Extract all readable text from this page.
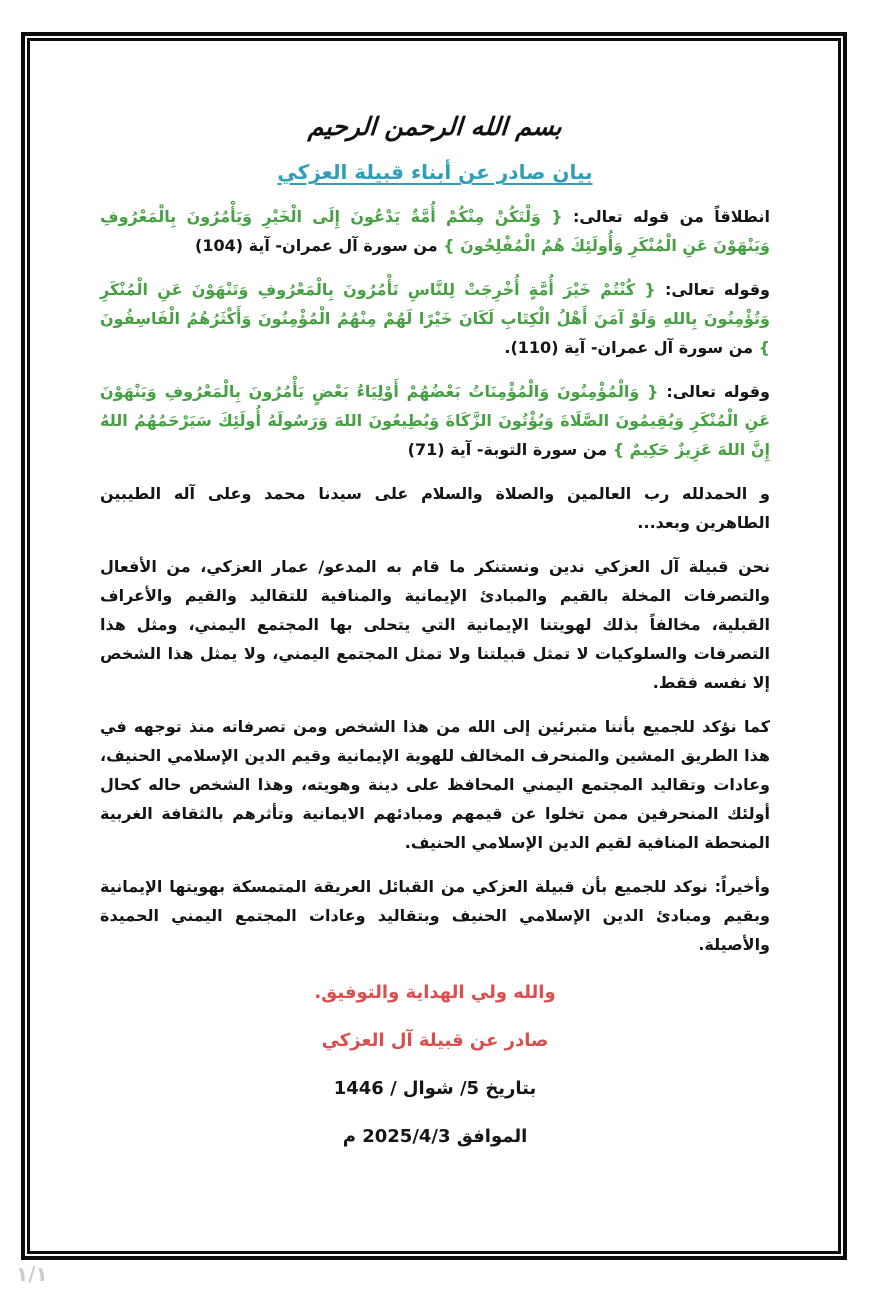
بسم الله الرحمن الرحيم
بيان صادر عن أبناء قبيلة العزكي

انطلاقاً من قوله تعالى: { وَلْتَكُنْ مِنْكُمْ أُمَّةٌ يَدْعُونَ إِلَى الْخَيْرِ وَيَأْمُرُونَ بِالْمَعْرُوفِ وَيَنْهَوْنَ عَنِ الْمُنْكَرِ وَأُولَئِكَ هُمُ الْمُفْلِحُونَ } من سورة آل عمران- آية (104)

وقوله تعالى: { كُنْتُمْ خَيْرَ أُمَّةٍ أُخْرِجَتْ لِلنَّاسِ تَأْمُرُونَ بِالْمَعْرُوفِ وَتَنْهَوْنَ عَنِ الْمُنْكَرِ وَتُؤْمِنُونَ بِاللهِ وَلَوْ آمَنَ أَهْلُ الْكِتَابِ لَكَانَ خَيْرًا لَهُمْ مِنْهُمُ الْمُؤْمِنُونَ وَأَكْثَرُهُمُ الْفَاسِقُونَ } من سورة آل عمران- آية (110).

وقوله تعالى: { وَالْمُؤْمِنُونَ وَالْمُؤْمِنَاتُ بَعْضُهُمْ أَوْلِيَاءُ بَعْضٍ يَأْمُرُونَ بِالْمَعْرُوفِ وَيَنْهَوْنَ عَنِ الْمُنْكَرِ وَيُقِيمُونَ الصَّلَاةَ وَيُؤْتُونَ الزَّكَاةَ وَيُطِيعُونَ اللهَ وَرَسُولَهُ أُولَئِكَ سَيَرْحَمُهُمُ اللهُ إِنَّ اللهَ عَزِيزٌ حَكِيمٌ } من سورة التوبة- آية (71)

و الحمدلله رب العالمين والصلاة والسلام على سيدنا محمد وعلى آله الطيبين الطاهرين وبعد...

نحن قبيلة آل العزكي ندين ونستنكر ما قام به المدعو/ عمار العزكي، من الأفعال والتصرفات المخلة بالقيم والمبادئ الإيمانية والمنافية للتقاليد والقيم والأعراف القبلية، مخالفاً بذلك لهويتنا الإيمانية التي يتحلى بها المجتمع اليمني، ومثل هذا التصرفات والسلوكيات لا تمثل قبيلتنا ولا تمثل المجتمع اليمني، ولا يمثل هذا الشخص إلا نفسه فقط.

كما نؤكد للجميع بأننا متبرئين إلى الله من هذا الشخص ومن تصرفاته منذ توجهه في هذا الطريق المشين والمنحرف المخالف للهوية الإيمانية وقيم الدين الإسلامي الحنيف، وعادات وتقاليد المجتمع اليمني المحافظ على دينة وهويته، وهذا الشخص حاله كحال أولئك المنحرفين ممن تخلوا عن قيمهم ومبادئهم الايمانية وتأثرهم بالثقافة الغربية المنحطة المنافية لقيم الدين الإسلامي الحنيف.

وأخيراً: نوكد للجميع بأن قبيلة العزكي من القبائل العريقة المتمسكة بهويتها الإيمانية وبقيم ومبادئ الدين الإسلامي الحنيف وبتقاليد وعادات المجتمع اليمني الحميدة والأصيلة.

والله ولي الهداية والتوفيق.
صادر عن قبيلة آل العزكي
بتاريخ 5/ شوال / 1446
الموافق 2025/4/3 م
١/١
